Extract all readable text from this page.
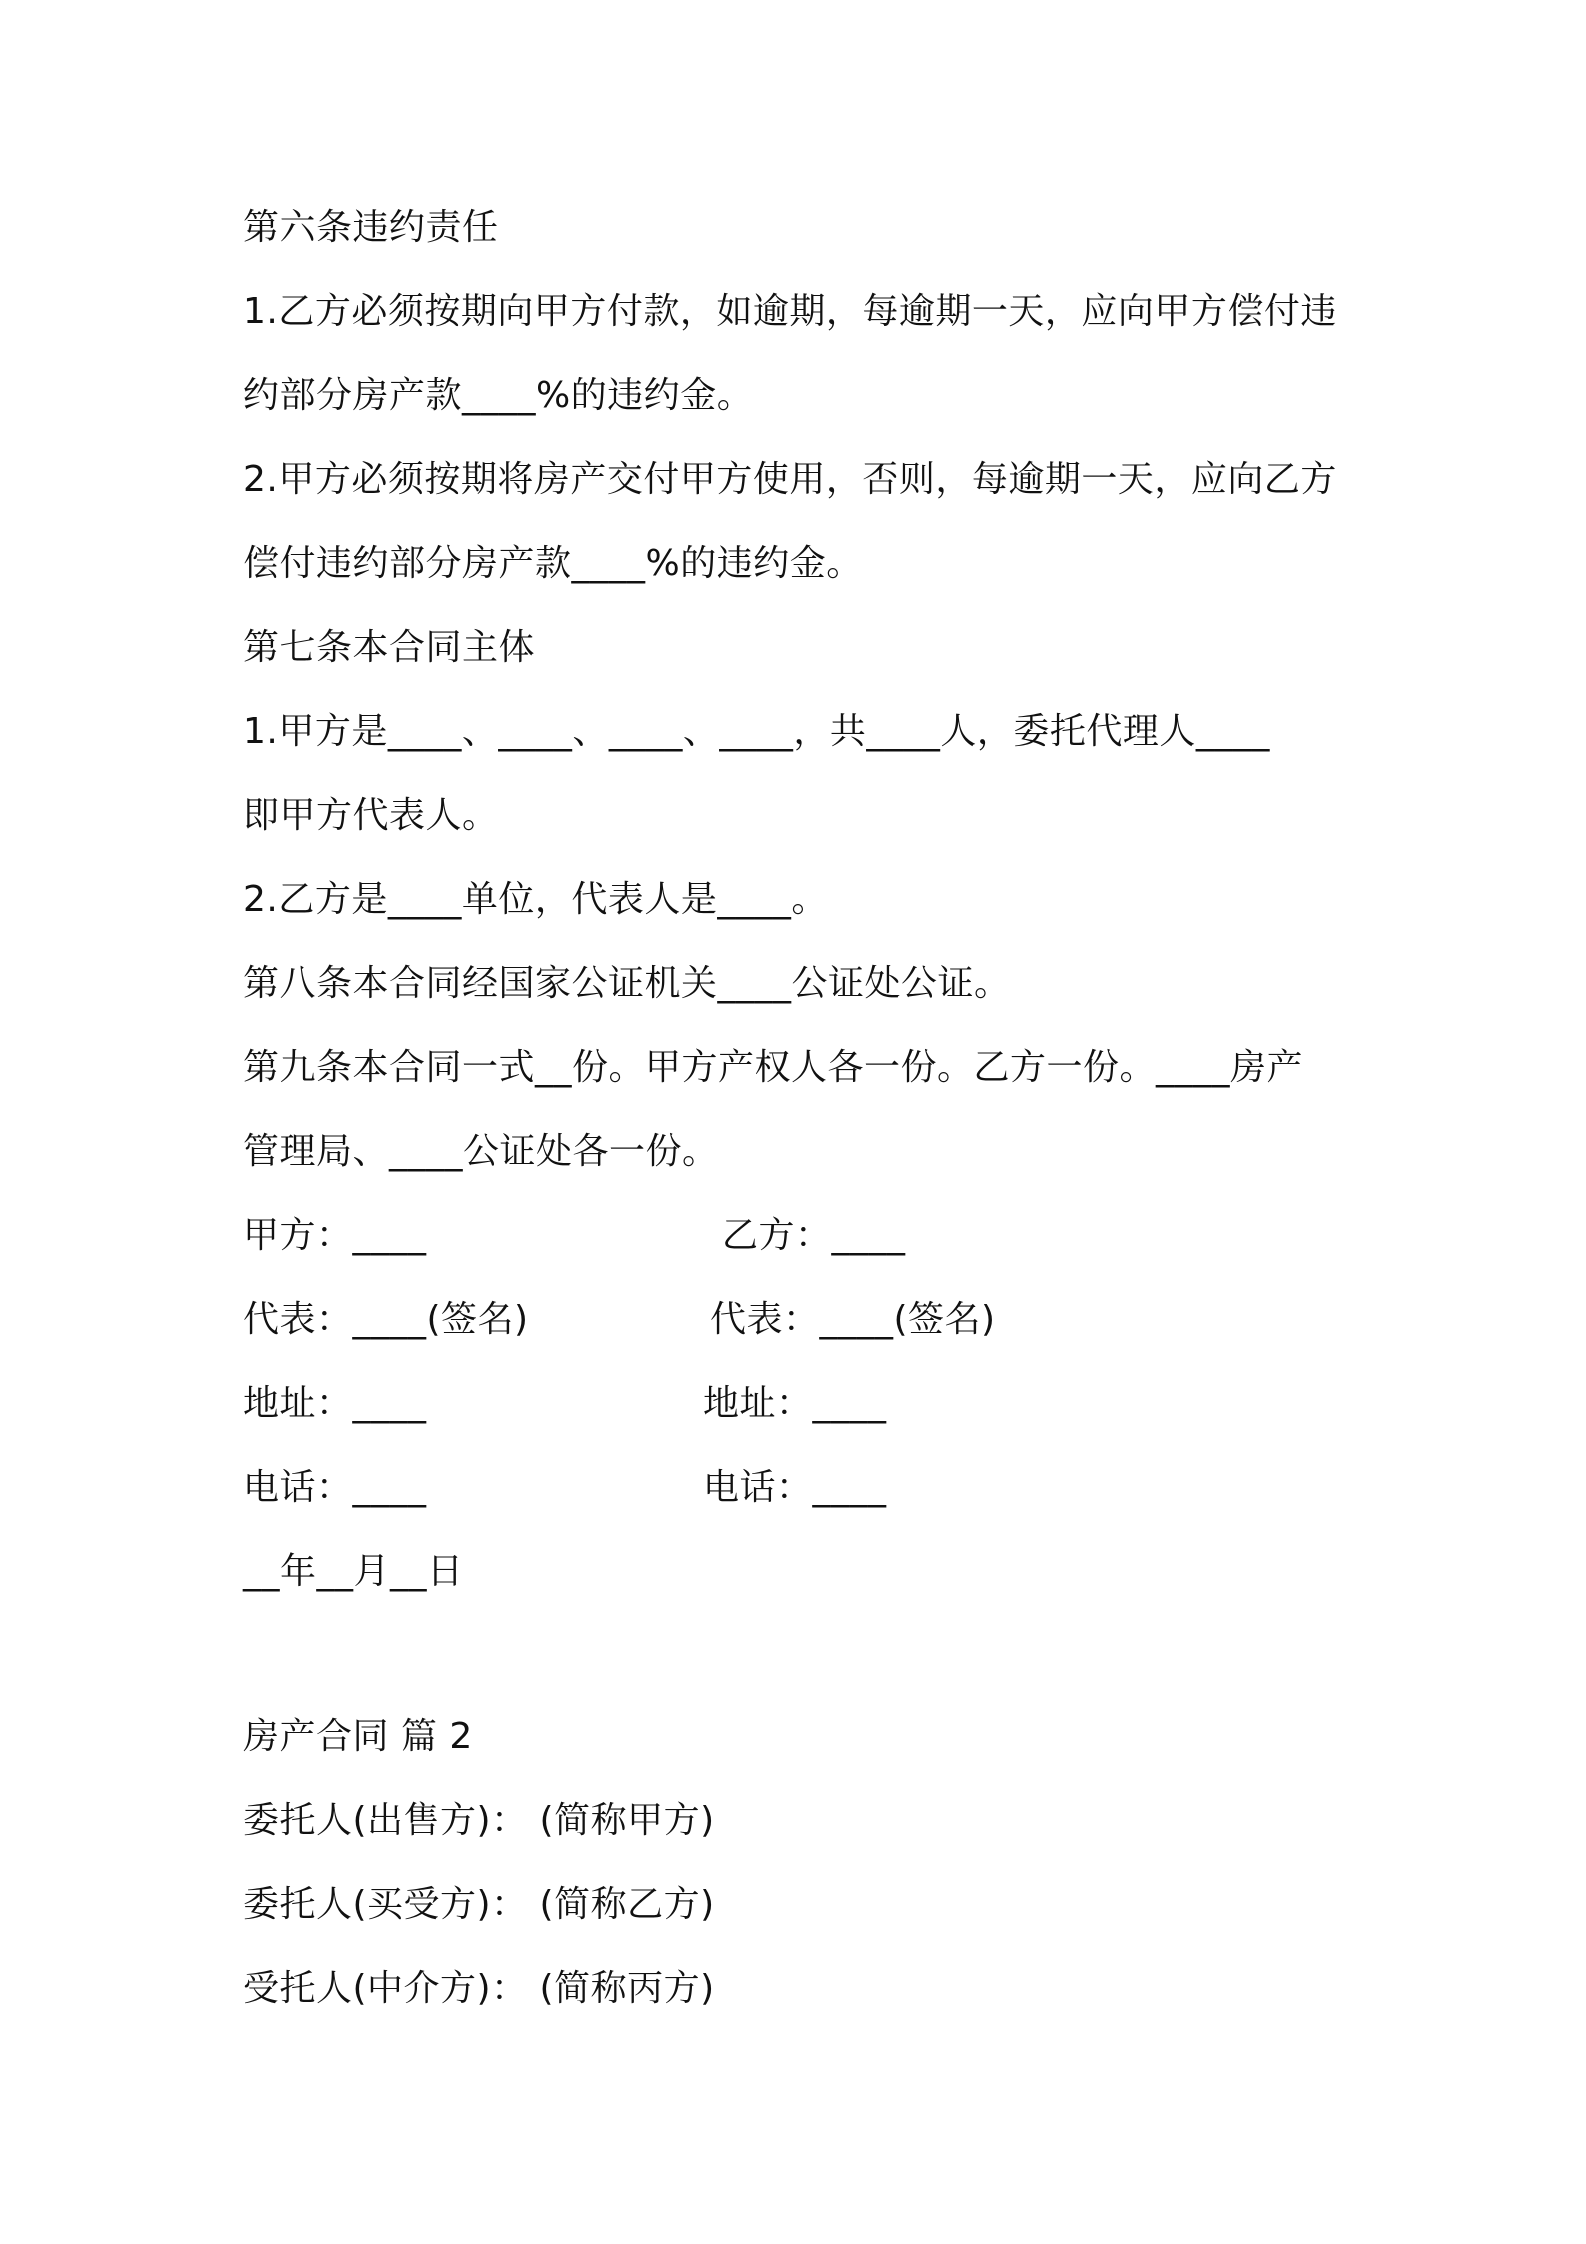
第六条违约责任
1.乙方必须按期向甲方付款，如逾期，每逾期一天，应向甲方偿付违
约部分房产款____%的违约金。
2.甲方必须按期将房产交付甲方使用，否则，每逾期一天，应向乙方
偿付违约部分房产款____%的违约金。
第七条本合同主体
1.甲方是____、____、____、____，共____人，委托代理人____
即甲方代表人。
2.乙方是____单位，代表人是____。
第八条本合同经国家公证机关____公证处公证。
第九条本合同一式__份。甲方产权人各一份。乙方一份。____房产
管理局、____公证处各一份。
甲方：____	乙方：____
代表：____(签名)	代表：____(签名)
地址：____	地址：____
电话：____	电话：____
__年__月__日
房产合同 篇 2
委托人(出售方)： (简称甲方)
委托人(买受方)： (简称乙方)
受托人(中介方)： (简称丙方)
